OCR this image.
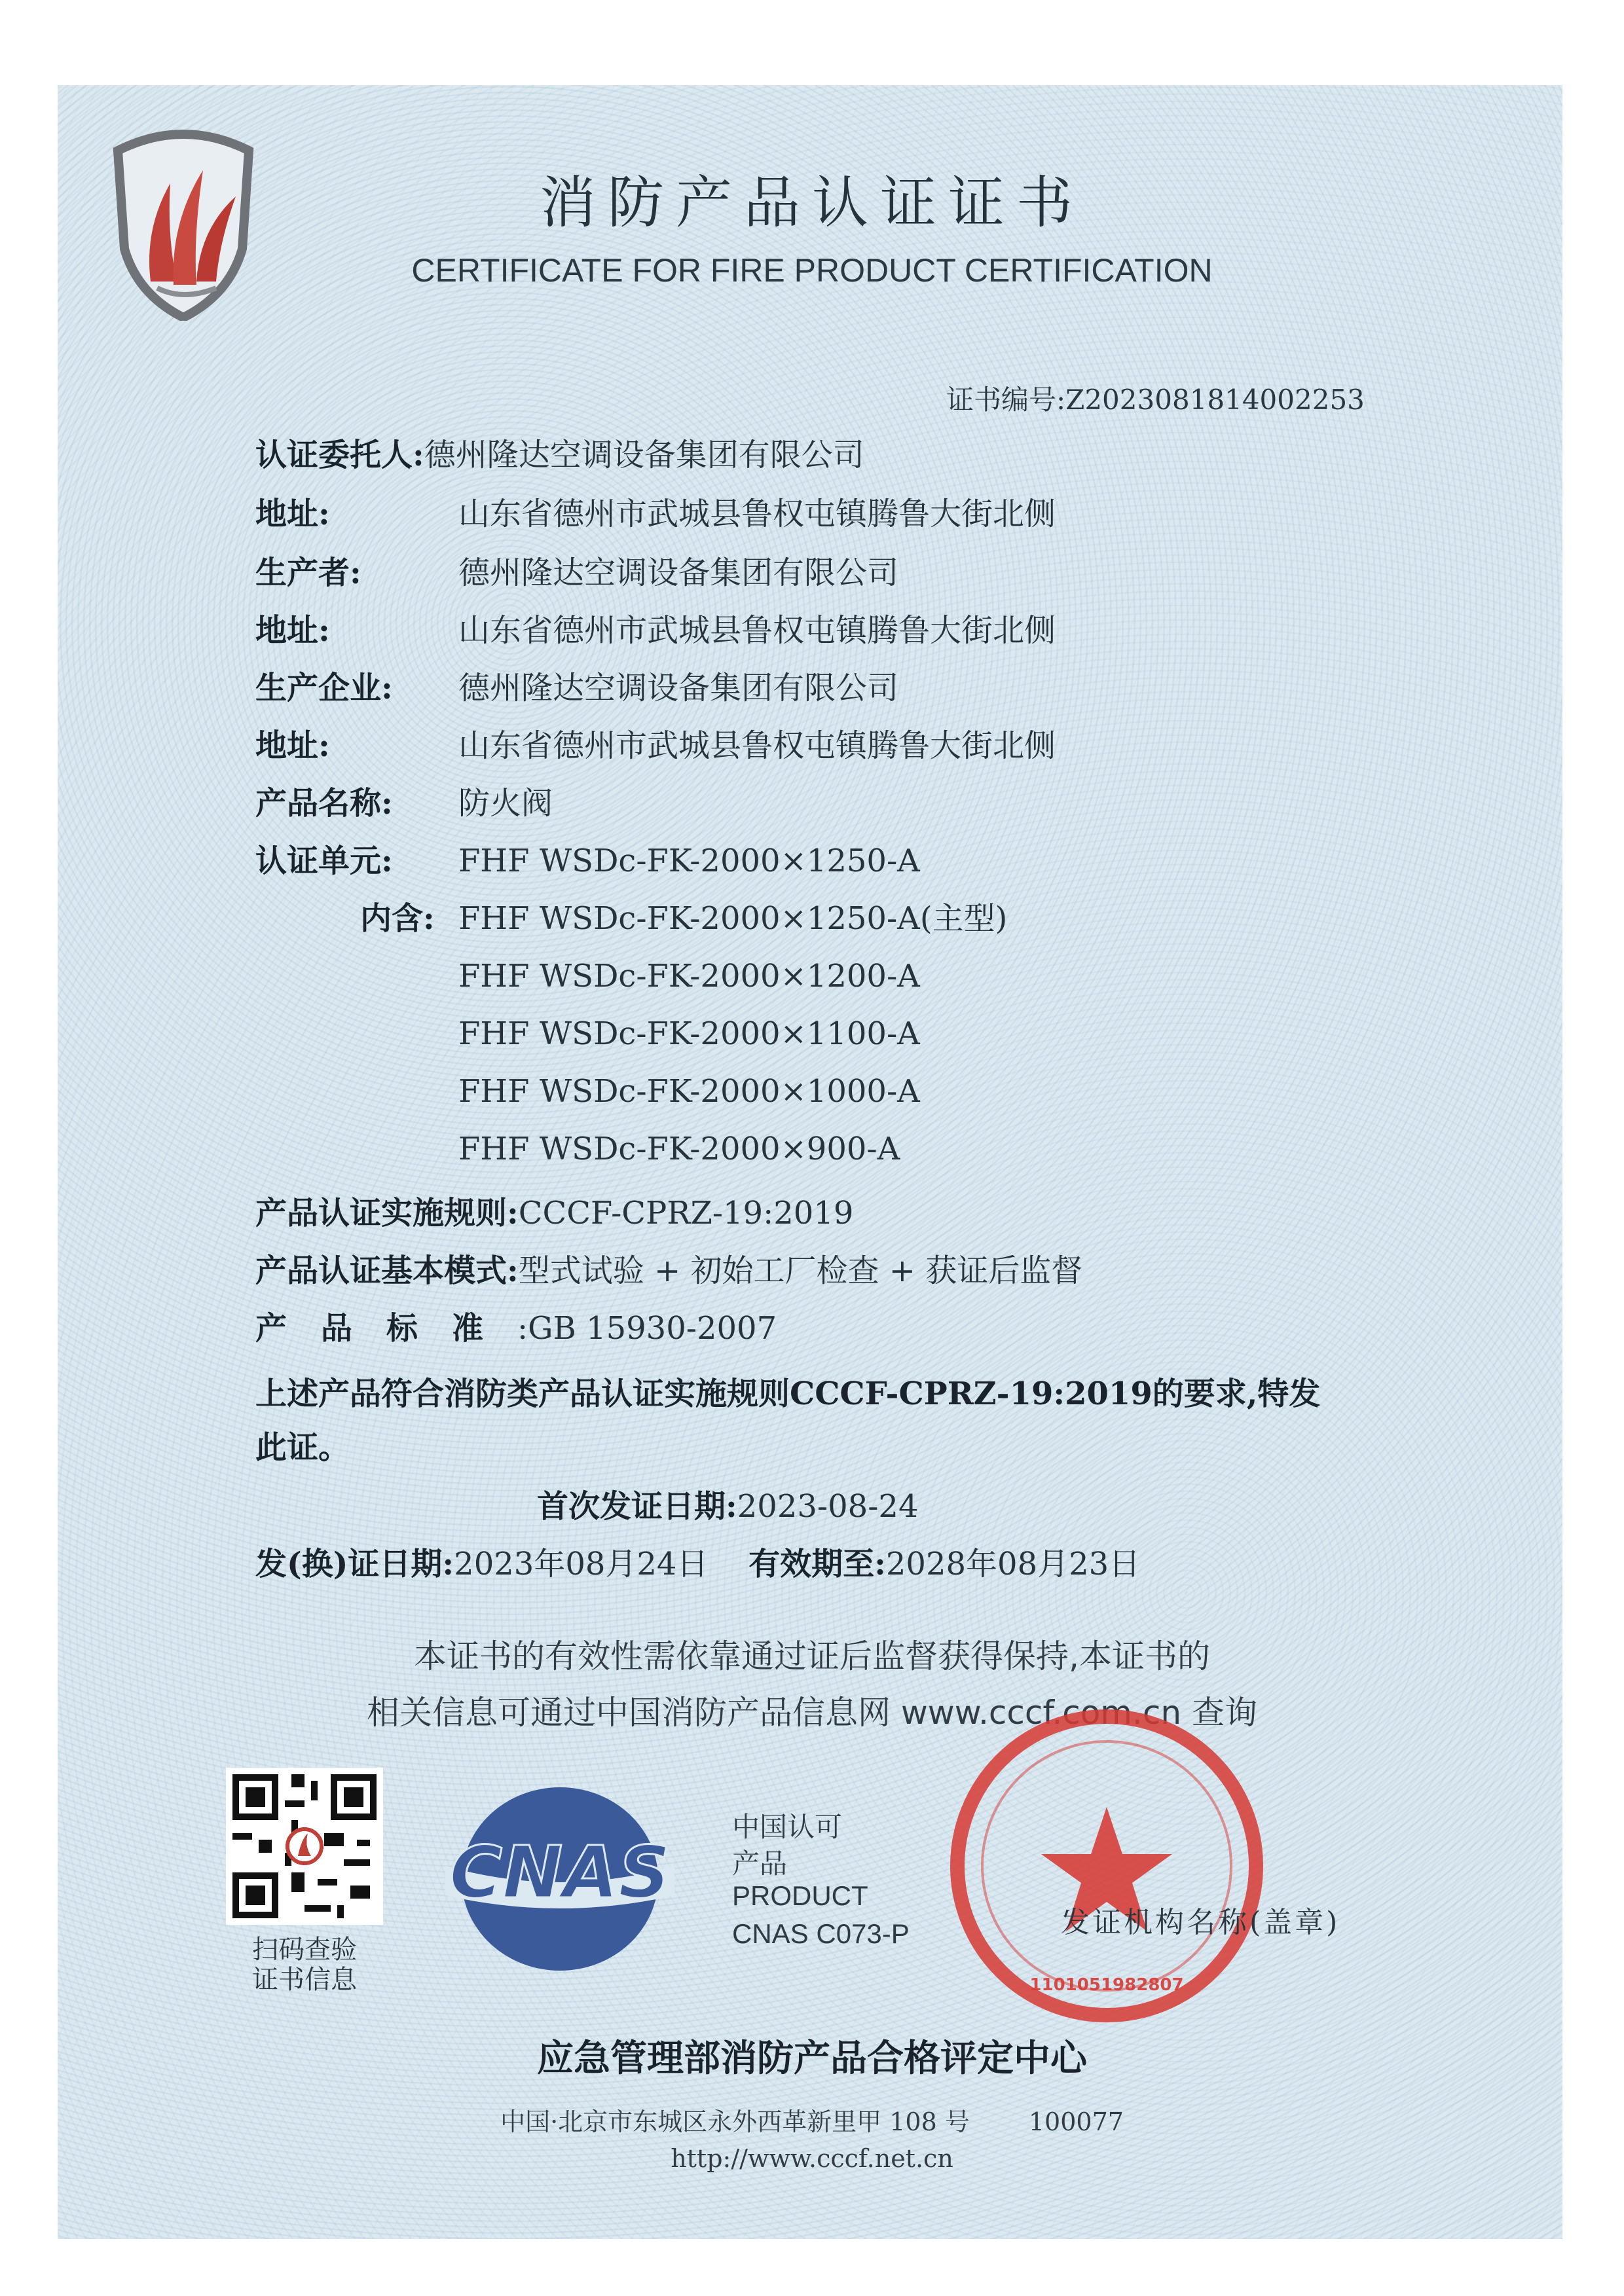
消防产品认证证书
CERTIFICATE FOR FIRE PRODUCT CERTIFICATION
证书编号:Z2023081814002253
认证委托人:德州隆达空调设备集团有限公司
地址:	山东省德州市武城县鲁权屯镇腾鲁大街北侧
生产者:	德州隆达空调设备集团有限公司
地址:	山东省德州市武城县鲁权屯镇腾鲁大街北侧
生产企业: 德州隆达空调设备集团有限公司
地址:	山东省德州市武城县鲁权屯镇腾鲁大街北侧
产品名称: 防火阀
认证单元: FHF WSDc-FK-2000×1250-A
内含: FHF WSDc-FK-2000×1250-A(主型)
FHF WSDc-FK-2000×1200-A
FHF WSDc-FK-2000×1100-A
FHF WSDc-FK-2000×1000-A
FHF WSDc-FK-2000×900-A
产品认证实施规则:CCCF-CPRZ-19:2019
产品认证基本模式:型式试验 + 初始工厂检查 + 获证后监督
产品标准:GB 15930-2007
上述产品符合消防类产品认证实施规则CCCF-CPRZ-19:2019的要求,特发
此证。
首次发证日期:2023-08-24
发(换)证日期:2023年08月24日 有效期至:2028年08月23日
本证书的有效性需依靠通过证后监督获得保持,本证书的
相关信息可通过中国消防产品信息网 www.cccf.com.cn 查询
扫码查验
证书信息
CNAS
中国认可
产品
PRODUCT
CNAS C073-P
1101051982807
发证机构名称(盖章)
应急管理部消防产品合格评定中心
中国·北京市东城区永外西革新里甲 108 号 100077
http://www.cccf.net.cn
